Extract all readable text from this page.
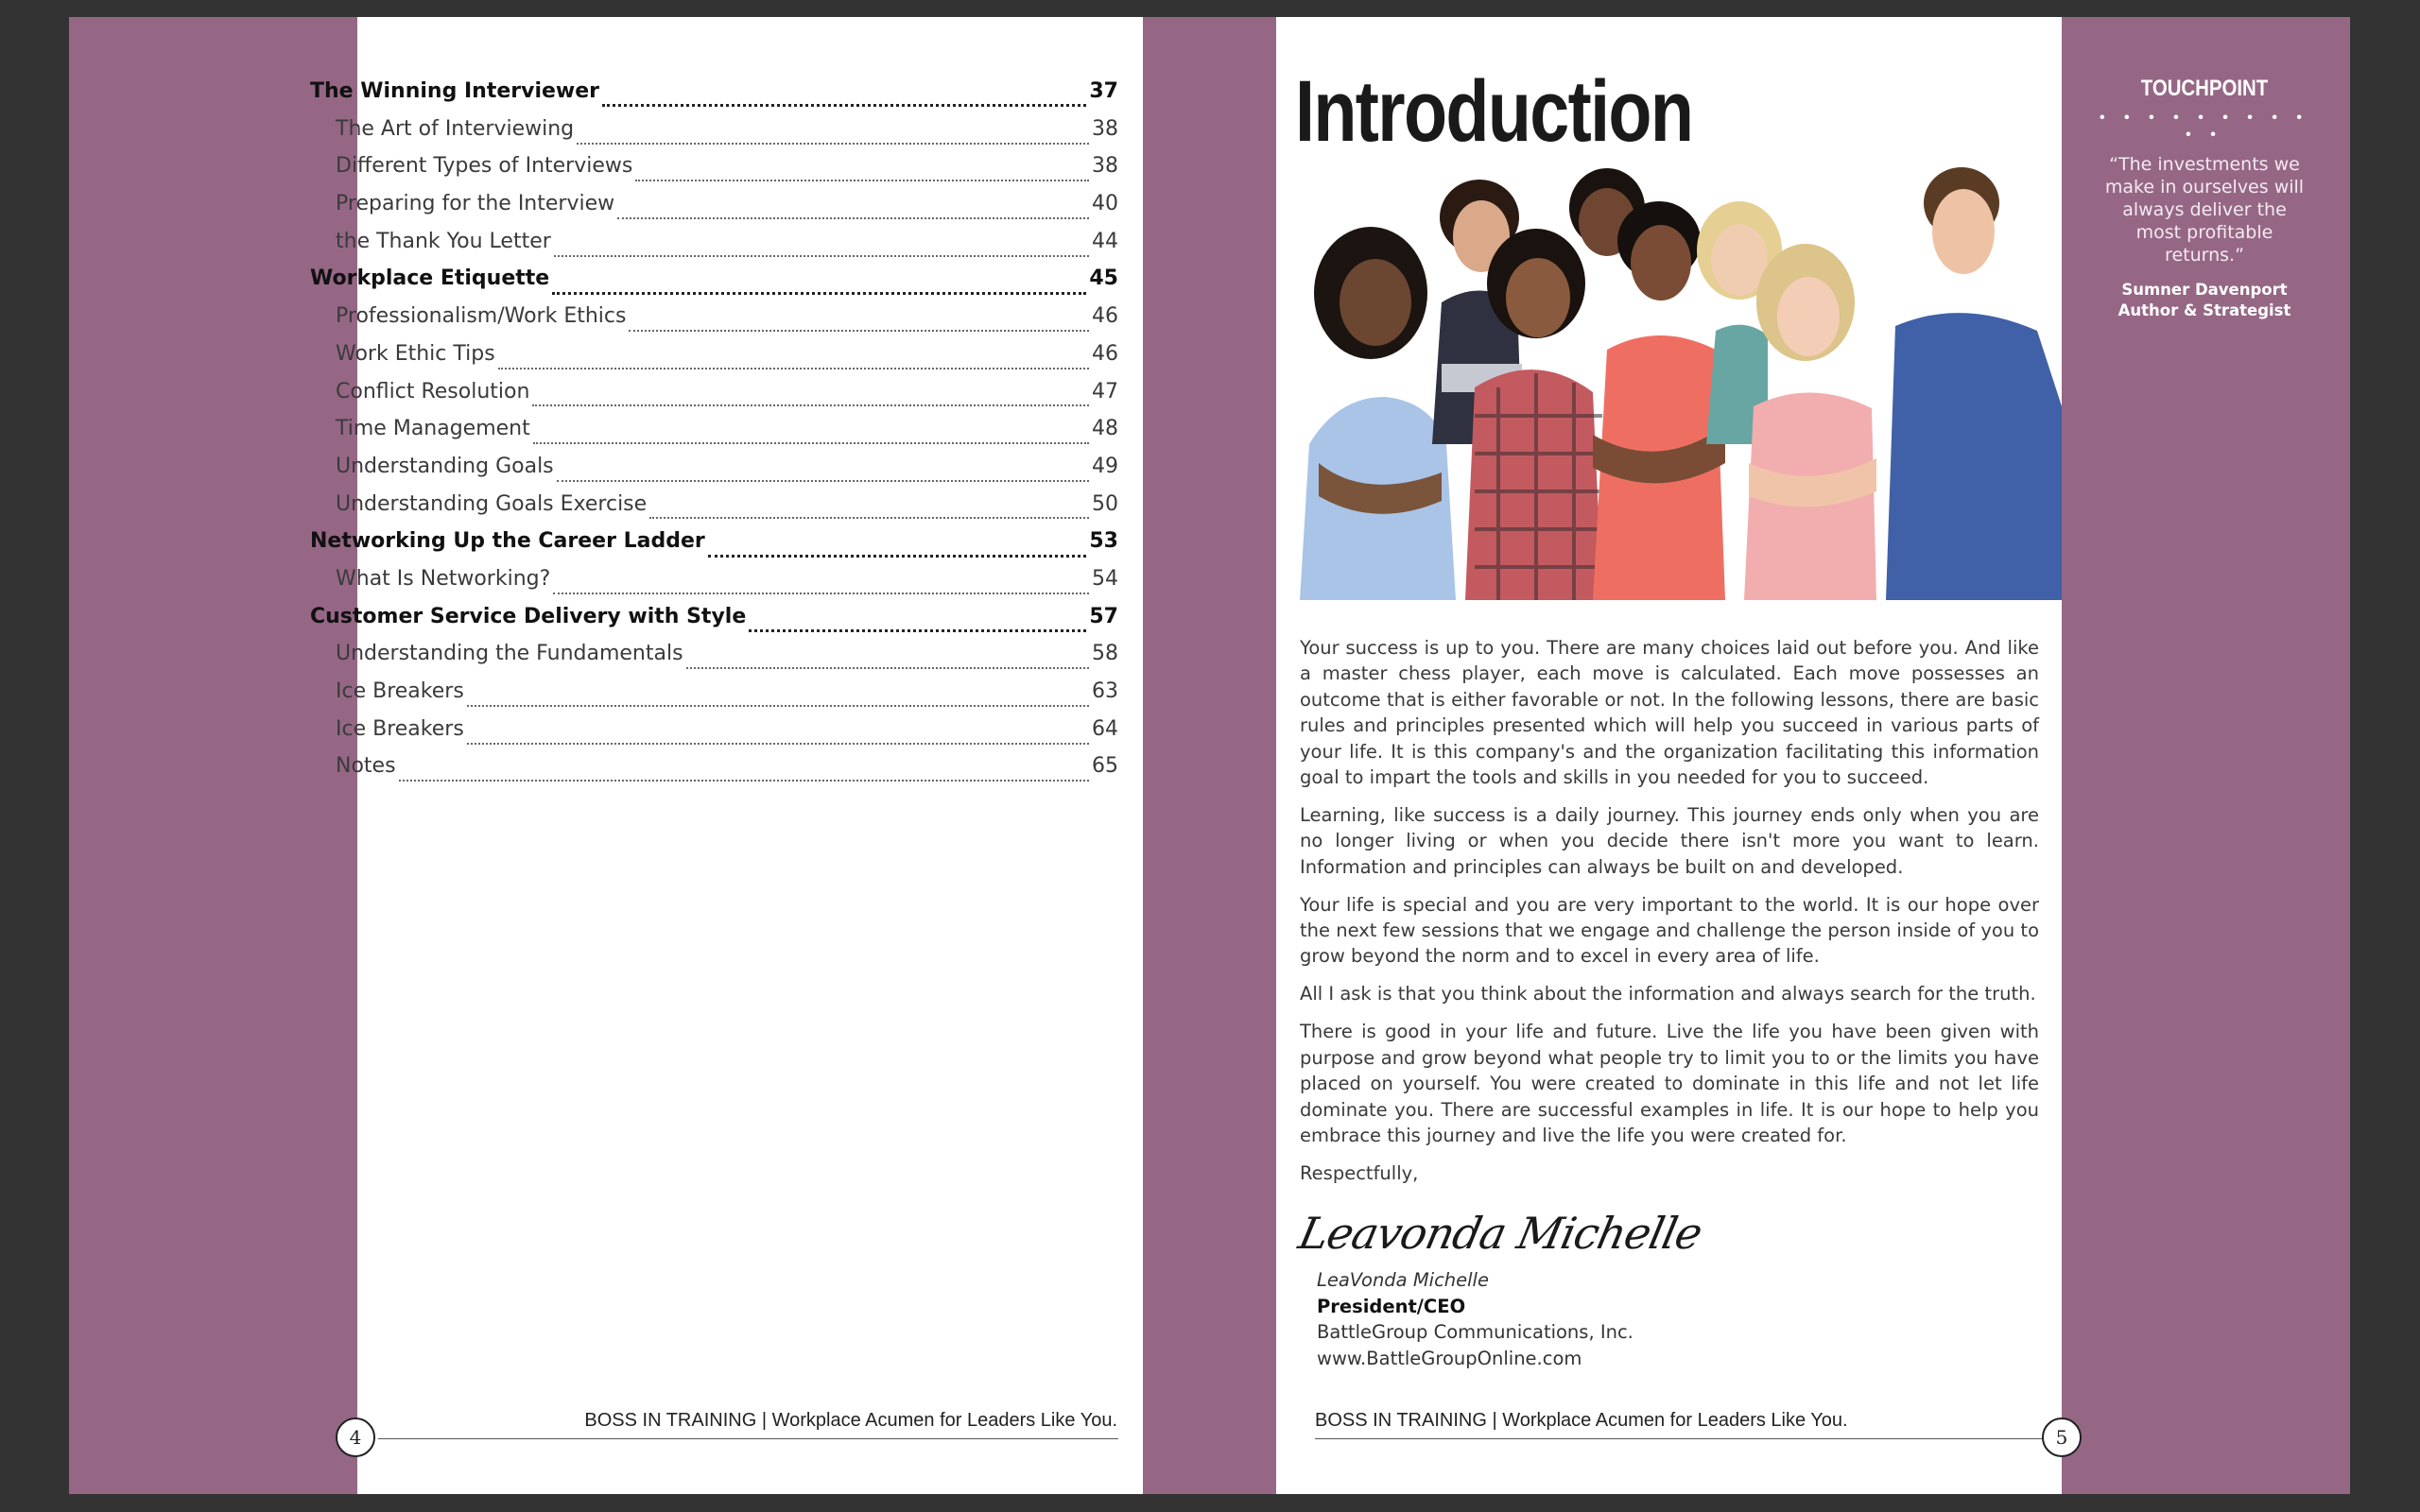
The Winning Interviewer	37
The Art of Interviewing	38
Different Types of Interviews	38
Preparing for the Interview	40
the Thank You Letter	44
Workplace Etiquette	45
Professionalism/Work Ethics	46
Work Ethic Tips	46
Conflict Resolution	47
Time Management	48
Understanding Goals	49
Understanding Goals Exercise	50
Networking Up the Career Ladder	53
What Is Networking?	54
Customer Service Delivery with Style	57
Understanding the Fundamentals	58
Ice Breakers	63
Ice Breakers	64
Notes	65
BOSS IN TRAINING | Workplace Acumen for Leaders Like You.
4
Introduction

Your success is up to you. There are many choices laid out before you. And like a master chess player, each move is calculated. Each move possesses an outcome that is either favorable or not. In the following lessons, there are basic rules and principles presented which will help you succeed in various parts of your life. It is this company's and the organization facilitating this information goal to impart the tools and skills in you needed for you to succeed.

Learning, like success is a daily journey. This journey ends only when you are no longer living or when you decide there isn't more you want to learn. Information and principles can always be built on and developed.

Your life is special and you are very important to the world. It is our hope over the next few sessions that we engage and challenge the person inside of you to grow beyond the norm and to excel in every area of life.

All I ask is that you think about the information and always search for the truth.

There is good in your life and future. Live the life you have been given with purpose and grow beyond what people try to limit you to or the limits you have placed on yourself. You were created to dominate in this life and not let life dominate you. There are successful examples in life. It is our hope to help you embrace this journey and live the life you were created for.

Respectfully,

Leavonda Michelle
LeaVonda Michelle
President/CEO
BattleGroup Communications, Inc.
www.BattleGroupOnline.com
BOSS IN TRAINING | Workplace Acumen for Leaders Like You.
5
TOUCHPOINT
• • • • • • • • • • •
“The investments we make in ourselves will always deliver the most profitable returns.”
Sumner Davenport
Author & Strategist
